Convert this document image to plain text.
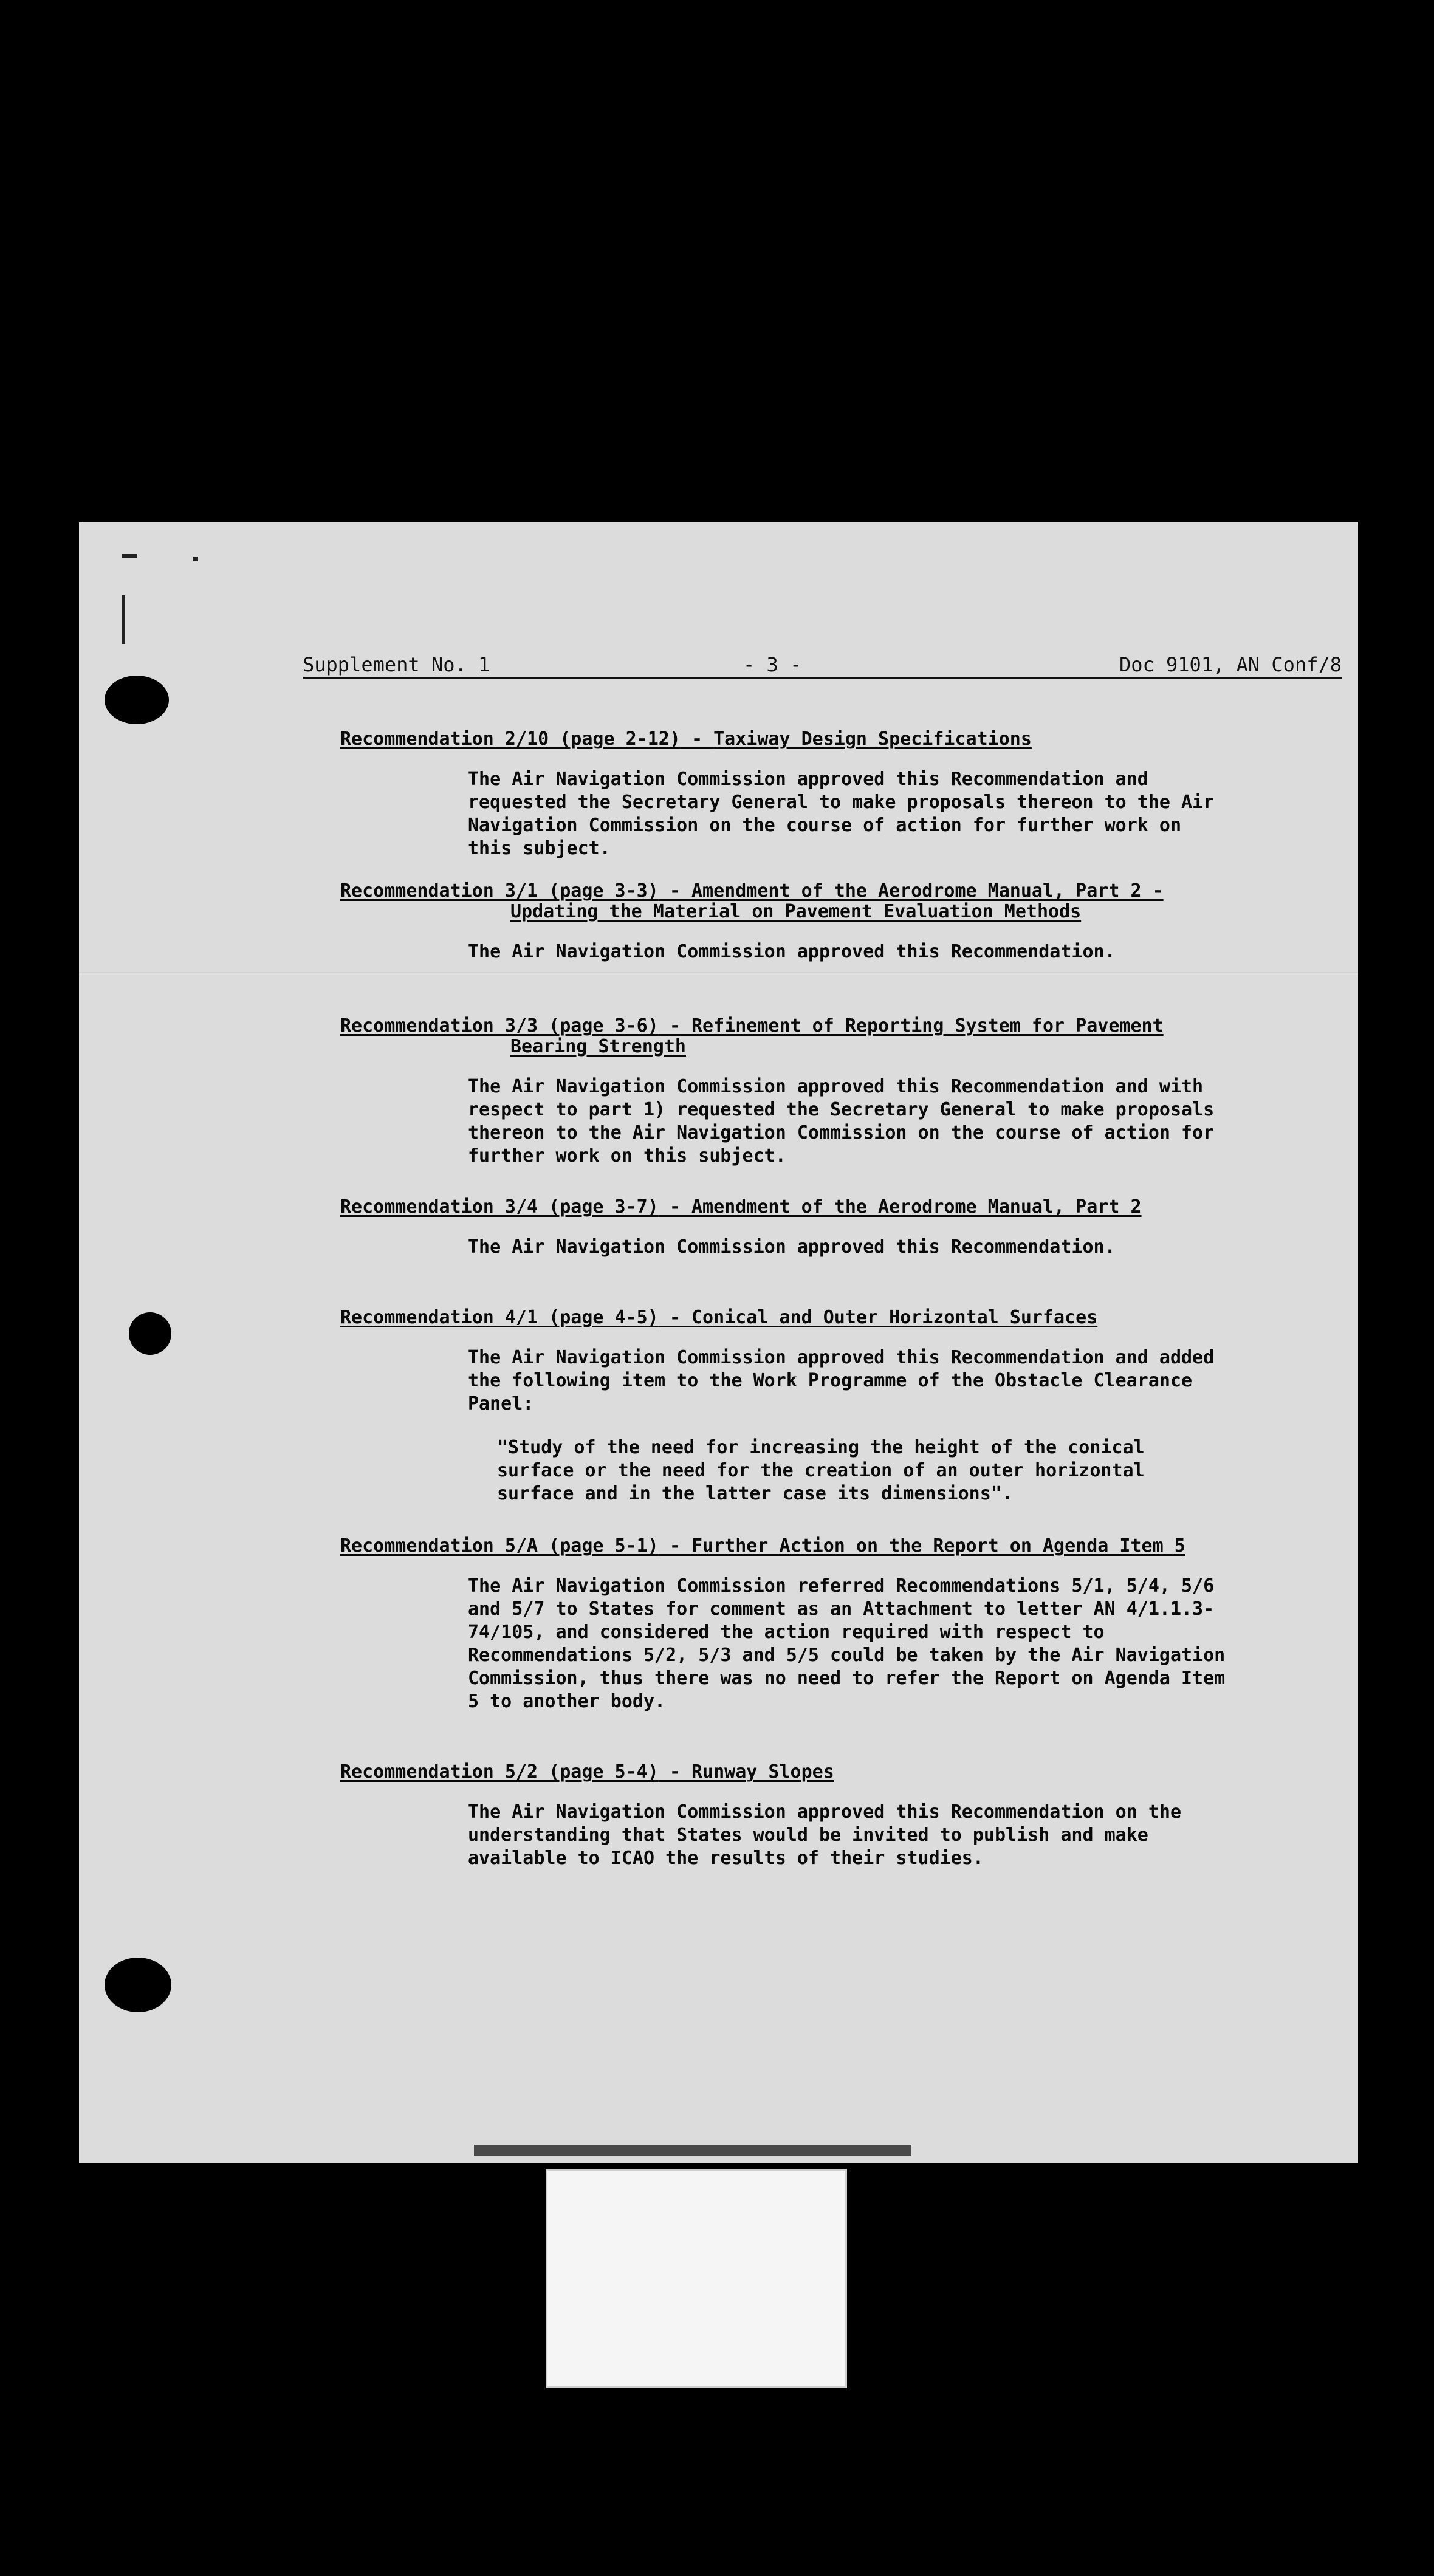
Supplement No. 1	- 3 -	Doc 9101, AN Conf/8

Recommendation 2/10 (page 2-12) - Taxiway Design Specifications
The Air Navigation Commission approved this Recommendation and requested the Secretary General to make proposals thereon to the Air Navigation Commission on the course of action for further work on this subject.
Recommendation 3/1 (page 3-3) - Amendment of the Aerodrome Manual, Part 2 -
Updating the Material on Pavement Evaluation Methods
The Air Navigation Commission approved this Recommendation.
Recommendation 3/3 (page 3-6) - Refinement of Reporting System for Pavement
Bearing Strength
The Air Navigation Commission approved this Recommendation and with respect to part 1) requested the Secretary General to make proposals thereon to the Air Navigation Commission on the course of action for further work on this subject.
Recommendation 3/4 (page 3-7) - Amendment of the Aerodrome Manual, Part 2
The Air Navigation Commission approved this Recommendation.
Recommendation 4/1 (page 4-5) - Conical and Outer Horizontal Surfaces
The Air Navigation Commission approved this Recommendation and added the following item to the Work Programme of the Obstacle Clearance Panel:
"Study of the need for increasing the height of the conical surface or the need for the creation of an outer horizontal surface and in the latter case its dimensions".
Recommendation 5/A (page 5-1) - Further Action on the Report on Agenda Item 5
The Air Navigation Commission referred Recommendations 5/1, 5/4, 5/6 and 5/7 to States for comment as an Attachment to letter AN 4/1.1.3-74/105, and considered the action required with respect to Recommendations 5/2, 5/3 and 5/5 could be taken by the Air Navigation Commission, thus there was no need to refer the Report on Agenda Item 5 to another body.
Recommendation 5/2 (page 5-4) - Runway Slopes
The Air Navigation Commission approved this Recommendation on the understanding that States would be invited to publish and make available to ICAO the results of their studies.
